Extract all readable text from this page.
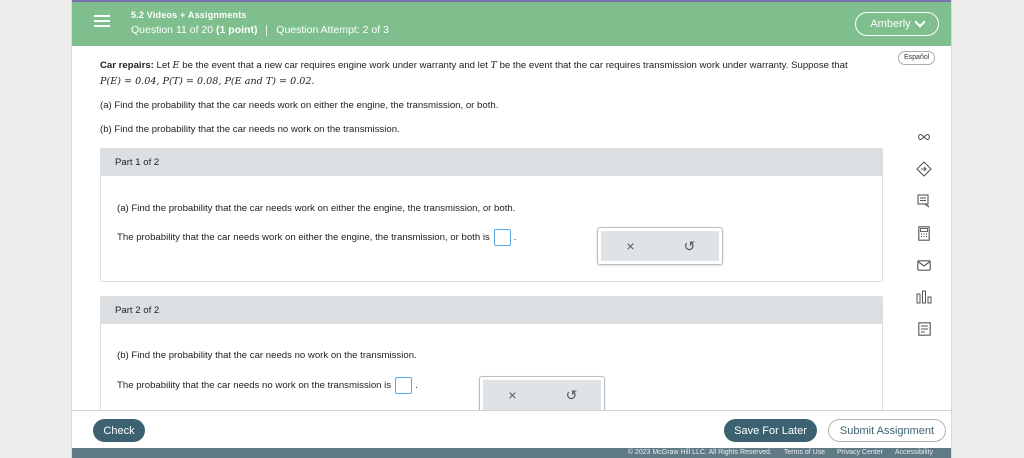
5.2 Videos + Assignments
Question 11 of 20 (1 point) Question Attempt: 2 of 3	Amberly
Español

Car repairs: Let E be the event that a new car requires engine work under warranty and let T be the event that the car requires transmission work under warranty. Suppose that P(E) = 0.04, P(T) = 0.08, P(E and T) = 0.02.

(a) Find the probability that the car needs work on either the engine, the transmission, or both.

(b) Find the probability that the car needs no work on the transmission.

Part 1 of 2
(a) Find the probability that the car needs work on either the engine, the transmission, or both.
The probability that the car needs work on either the engine, the transmission, or both is	.
×	↺
Part 2 of 2
(b) Find the probability that the car needs no work on the transmission.
The probability that the car needs no work on the transmission is	.
×	↺
Check	Save For Later	Submit Assignment
© 2023 McGraw Hill LLC. All Rights Reserved. Terms of Use Privacy Center Accessibility
